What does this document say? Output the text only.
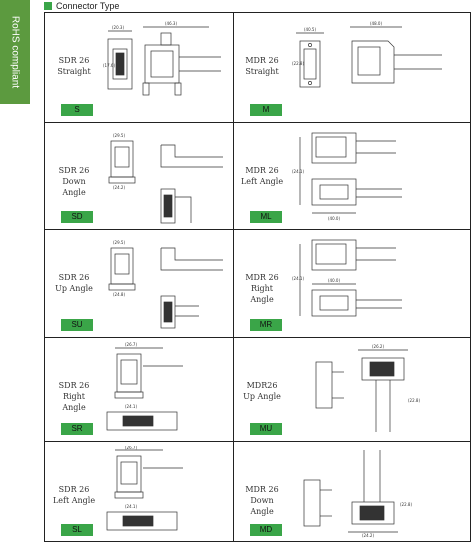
RoHS compliant
Connector Type
SDR 26
Straight
S
(20.3)
(46.3)
(17.6)
MDR 26
Straight
M
(40.5)
(48.0)
(22.8)
SDR 26
Down Angle
SD
(29.5)
(24.2)
MDR 26
Left Angle
ML
(24.1)
(40.0)
SDR 26
Up Angle
SU
(29.5)
(24.8)
MDR 26
Right
Angle
MR
(24.1)	(40.0)
SDR 26
Right
Angle
SR
(26.7)
(24.1)
MDR26
Up Angle
MU
(26.2)
(22.8)
SDR 26
Left Angle
SL
(26.7)
(24.1)
MDR 26
Down Angle
MD
(24.2)
(22.8)
